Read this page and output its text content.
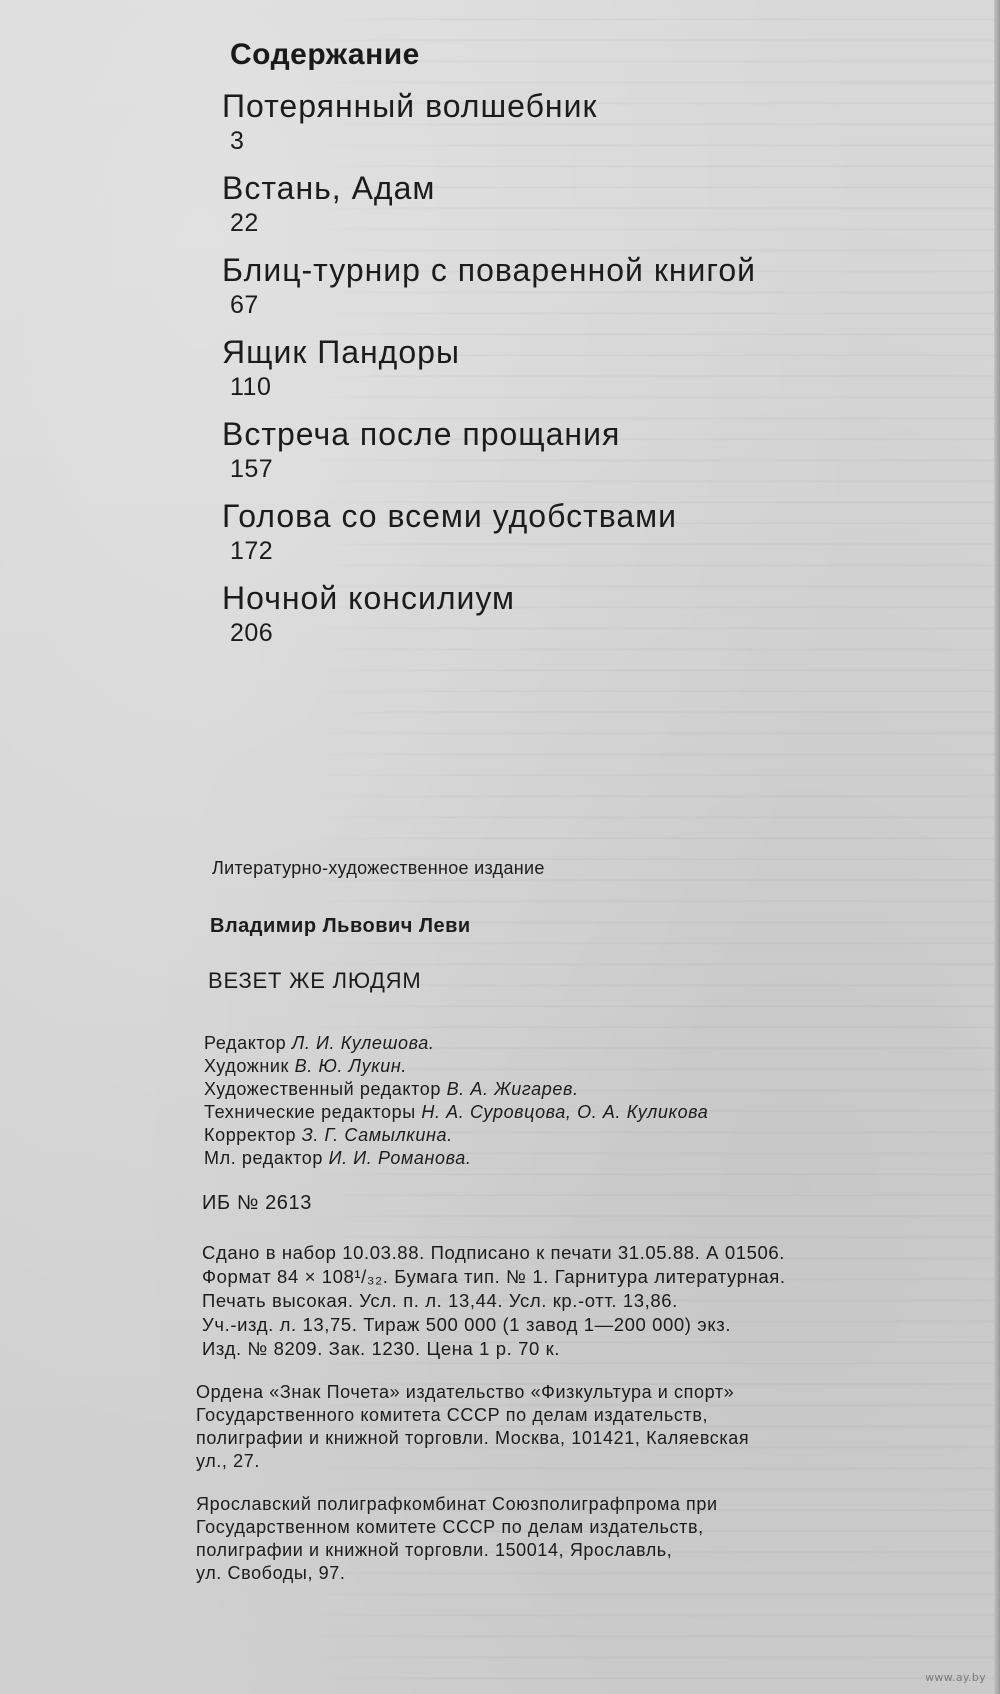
Содержание
Потерянный волшебник
3
Встань, Адам
22
Блиц-турнир с поваренной книгой
67
Ящик Пандоры
110
Встреча после прощания
157
Голова со всеми удобствами
172
Ночной консилиум
206
Литературно-художественное издание
Владимир Львович Леви
ВЕЗЕТ ЖЕ ЛЮДЯМ
Редактор Л. И. Кулешова.
Художник В. Ю. Лукин.
Художественный редактор В. А. Жигарев.
Технические редакторы Н. А. Суровцова, О. А. Куликова
Корректор З. Г. Самылкина.
Мл. редактор И. И. Романова.
ИБ № 2613
Сдано в набор 10.03.88. Подписано к печати 31.05.88. А 01506.
Формат 84 × 108¹/₃₂. Бумага тип. № 1. Гарнитура литературная.
Печать высокая. Усл. п. л. 13,44. Усл. кр.-отт. 13,86.
Уч.-изд. л. 13,75. Тираж 500 000 (1 завод 1—200 000) экз.
Изд. № 8209. Зак. 1230. Цена 1 р. 70 к.
Ордена «Знак Почета» издательство «Физкультура и спорт»
Государственного комитета СССР по делам издательств,
полиграфии и книжной торговли. Москва, 101421, Каляевская
ул., 27.
Ярославский полиграфкомбинат Союзполиграфпрома при
Государственном комитете СССР по делам издательств,
полиграфии и книжной торговли. 150014, Ярославль,
ул. Свободы, 97.
www.ay.by
